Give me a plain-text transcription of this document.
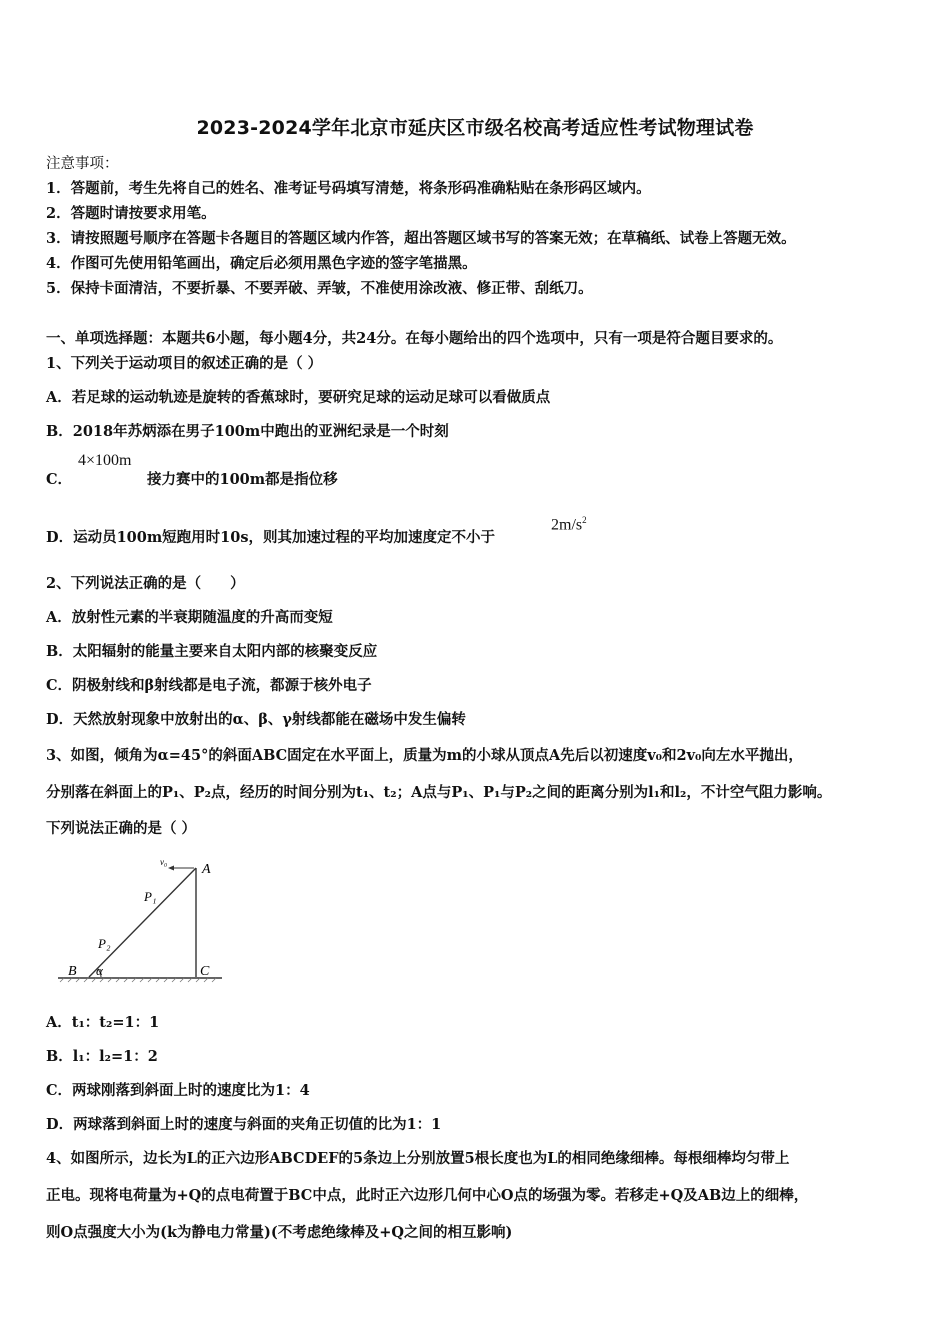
2023-2024学年北京市延庆区市级名校高考适应性考试物理试卷
注意事项：
1．答题前，考生先将自己的姓名、准考证号码填写清楚，将条形码准确粘贴在条形码区域内。
2．答题时请按要求用笔。
3．请按照题号顺序在答题卡各题目的答题区域内作答，超出答题区域书写的答案无效；在草稿纸、试卷上答题无效。
4．作图可先使用铅笔画出，确定后必须用黑色字迹的签字笔描黑。
5．保持卡面清洁，不要折暴、不要弄破、弄皱，不准使用涂改液、修正带、刮纸刀。
一、单项选择题：本题共6小题，每小题4分，共24分。在每小题给出的四个选项中，只有一项是符合题目要求的。
1、下列关于运动项目的叙述正确的是（ ）
A．若足球的运动轨迹是旋转的香蕉球时，要研究足球的运动足球可以看做质点
B．2018年苏炳添在男子100m中跑出的亚洲纪录是一个时刻
C．
4×100m
接力赛中的100m都是指位移
D．运动员100m短跑用时10s，则其加速过程的平均加速度定不小于
$2m/s^2$
2、下列说法正确的是（　　）
A．放射性元素的半衰期随温度的升高而变短
B．太阳辐射的能量主要来自太阳内部的核聚变反应
C．阴极射线和β射线都是电子流，都源于核外电子
D．天然放射现象中放射出的α、β、γ射线都能在磁场中发生偏转
3、如图，倾角为α=45°的斜面ABC固定在水平面上，质量为m的小球从顶点A先后以初速度v₀和2v₀向左水平抛出，
分别落在斜面上的P₁、P₂点，经历的时间分别为t₁、t₂；A点与P₁、P₁与P₂之间的距离分别为l₁和l₂，不计空气阻力影响。
下列说法正确的是（ ）
v₀ A
P₁
P₂
B α	C
A．t₁：t₂=1：1
B．l₁：l₂=1：2
C．两球刚落到斜面上时的速度比为1：4
D．两球落到斜面上时的速度与斜面的夹角正切值的比为1：1
4、如图所示，边长为L的正六边形ABCDEF的5条边上分别放置5根长度也为L的相同绝缘细棒。每根细棒均匀带上
正电。现将电荷量为+Q的点电荷置于BC中点，此时正六边形几何中心O点的场强为零。若移走+Q及AB边上的细棒，
则O点强度大小为(k为静电力常量)(不考虑绝缘棒及+Q之间的相互影响)
